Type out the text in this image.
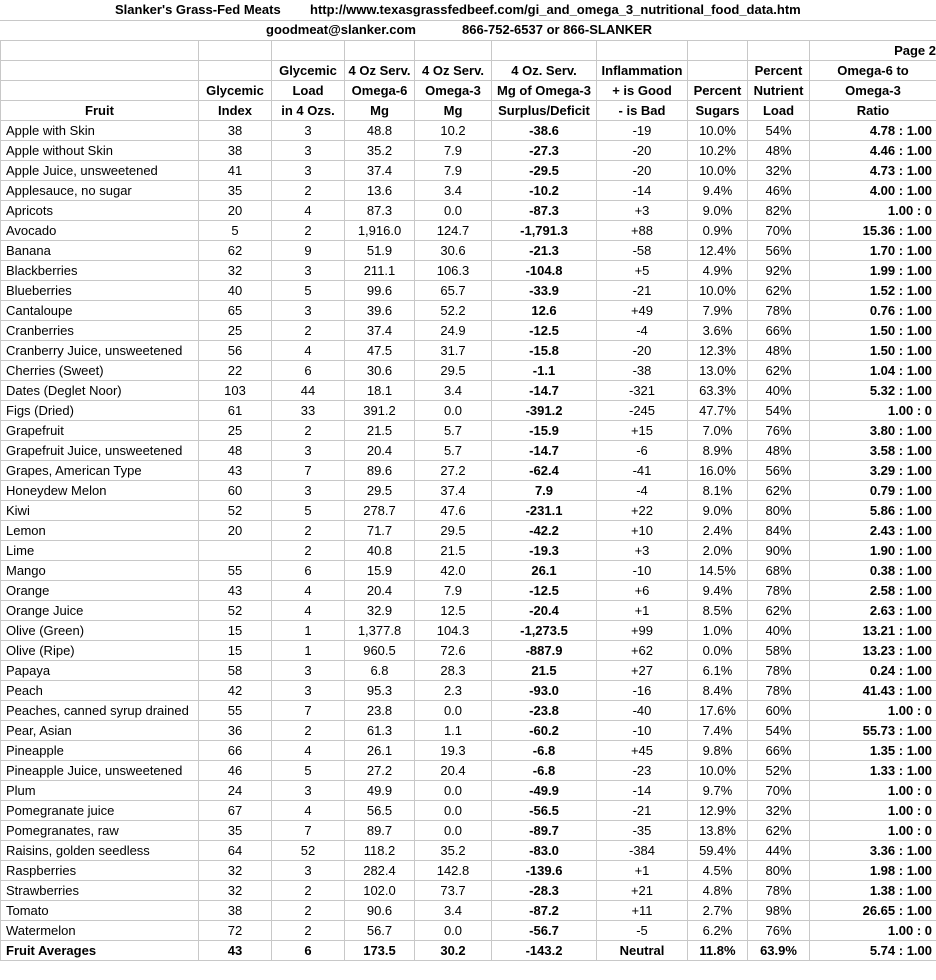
Slanker's Grass-Fed Meats http://www.texasgrassfedbeef.com/gi_and_omega_3_nutritional_food_data.htm
goodmeat@slanker.com	866-752-6537 or 866-SLANKER
									Page 2
		Glycemic	4 Oz Serv.	4 Oz Serv.	4 Oz. Serv.	Inflammation		Percent	Omega-6 to
	Glycemic	Load	Omega-6	Omega-3	Mg of Omega-3	+ is Good	Percent	Nutrient	Omega-3
Fruit	Index	in 4 Ozs.	Mg	Mg	Surplus/Deficit	- is Bad	Sugars	Load	Ratio
Apple with Skin	38	3	48.8	10.2	-38.6	-19	10.0%	54%	4.78 : 1.00
Apple without Skin	38	3	35.2	7.9	-27.3	-20	10.2%	48%	4.46 : 1.00
Apple Juice, unsweetened	41	3	37.4	7.9	-29.5	-20	10.0%	32%	4.73 : 1.00
Applesauce, no sugar	35	2	13.6	3.4	-10.2	-14	9.4%	46%	4.00 : 1.00
Apricots	20	4	87.3	0.0	-87.3	+3	9.0%	82%	1.00 : 0
Avocado	5	2	1,916.0	124.7	-1,791.3	+88	0.9%	70%	15.36 : 1.00
Banana	62	9	51.9	30.6	-21.3	-58	12.4%	56%	1.70 : 1.00
Blackberries	32	3	211.1	106.3	-104.8	+5	4.9%	92%	1.99 : 1.00
Blueberries	40	5	99.6	65.7	-33.9	-21	10.0%	62%	1.52 : 1.00
Cantaloupe	65	3	39.6	52.2	12.6	+49	7.9%	78%	0.76 : 1.00
Cranberries	25	2	37.4	24.9	-12.5	-4	3.6%	66%	1.50 : 1.00
Cranberry Juice, unsweetened	56	4	47.5	31.7	-15.8	-20	12.3%	48%	1.50 : 1.00
Cherries (Sweet)	22	6	30.6	29.5	-1.1	-38	13.0%	62%	1.04 : 1.00
Dates (Deglet Noor)	103	44	18.1	3.4	-14.7	-321	63.3%	40%	5.32 : 1.00
Figs (Dried)	61	33	391.2	0.0	-391.2	-245	47.7%	54%	1.00 : 0
Grapefruit	25	2	21.5	5.7	-15.9	+15	7.0%	76%	3.80 : 1.00
Grapefruit Juice, unsweetened	48	3	20.4	5.7	-14.7	-6	8.9%	48%	3.58 : 1.00
Grapes, American Type	43	7	89.6	27.2	-62.4	-41	16.0%	56%	3.29 : 1.00
Honeydew Melon	60	3	29.5	37.4	7.9	-4	8.1%	62%	0.79 : 1.00
Kiwi	52	5	278.7	47.6	-231.1	+22	9.0%	80%	5.86 : 1.00
Lemon	20	2	71.7	29.5	-42.2	+10	2.4%	84%	2.43 : 1.00
Lime		2	40.8	21.5	-19.3	+3	2.0%	90%	1.90 : 1.00
Mango	55	6	15.9	42.0	26.1	-10	14.5%	68%	0.38 : 1.00
Orange	43	4	20.4	7.9	-12.5	+6	9.4%	78%	2.58 : 1.00
Orange Juice	52	4	32.9	12.5	-20.4	+1	8.5%	62%	2.63 : 1.00
Olive (Green)	15	1	1,377.8	104.3	-1,273.5	+99	1.0%	40%	13.21 : 1.00
Olive (Ripe)	15	1	960.5	72.6	-887.9	+62	0.0%	58%	13.23 : 1.00
Papaya	58	3	6.8	28.3	21.5	+27	6.1%	78%	0.24 : 1.00
Peach	42	3	95.3	2.3	-93.0	-16	8.4%	78%	41.43 : 1.00
Peaches, canned syrup drained	55	7	23.8	0.0	-23.8	-40	17.6%	60%	1.00 : 0
Pear, Asian	36	2	61.3	1.1	-60.2	-10	7.4%	54%	55.73 : 1.00
Pineapple	66	4	26.1	19.3	-6.8	+45	9.8%	66%	1.35 : 1.00
Pineapple Juice, unsweetened	46	5	27.2	20.4	-6.8	-23	10.0%	52%	1.33 : 1.00
Plum	24	3	49.9	0.0	-49.9	-14	9.7%	70%	1.00 : 0
Pomegranate juice	67	4	56.5	0.0	-56.5	-21	12.9%	32%	1.00 : 0
Pomegranates, raw	35	7	89.7	0.0	-89.7	-35	13.8%	62%	1.00 : 0
Raisins, golden seedless	64	52	118.2	35.2	-83.0	-384	59.4%	44%	3.36 : 1.00
Raspberries	32	3	282.4	142.8	-139.6	+1	4.5%	80%	1.98 : 1.00
Strawberries	32	2	102.0	73.7	-28.3	+21	4.8%	78%	1.38 : 1.00
Tomato	38	2	90.6	3.4	-87.2	+11	2.7%	98%	26.65 : 1.00
Watermelon	72	2	56.7	0.0	-56.7	-5	6.2%	76%	1.00 : 0
Fruit Averages	43	6	173.5	30.2	-143.2	Neutral	11.8%	63.9%	5.74 : 1.00
